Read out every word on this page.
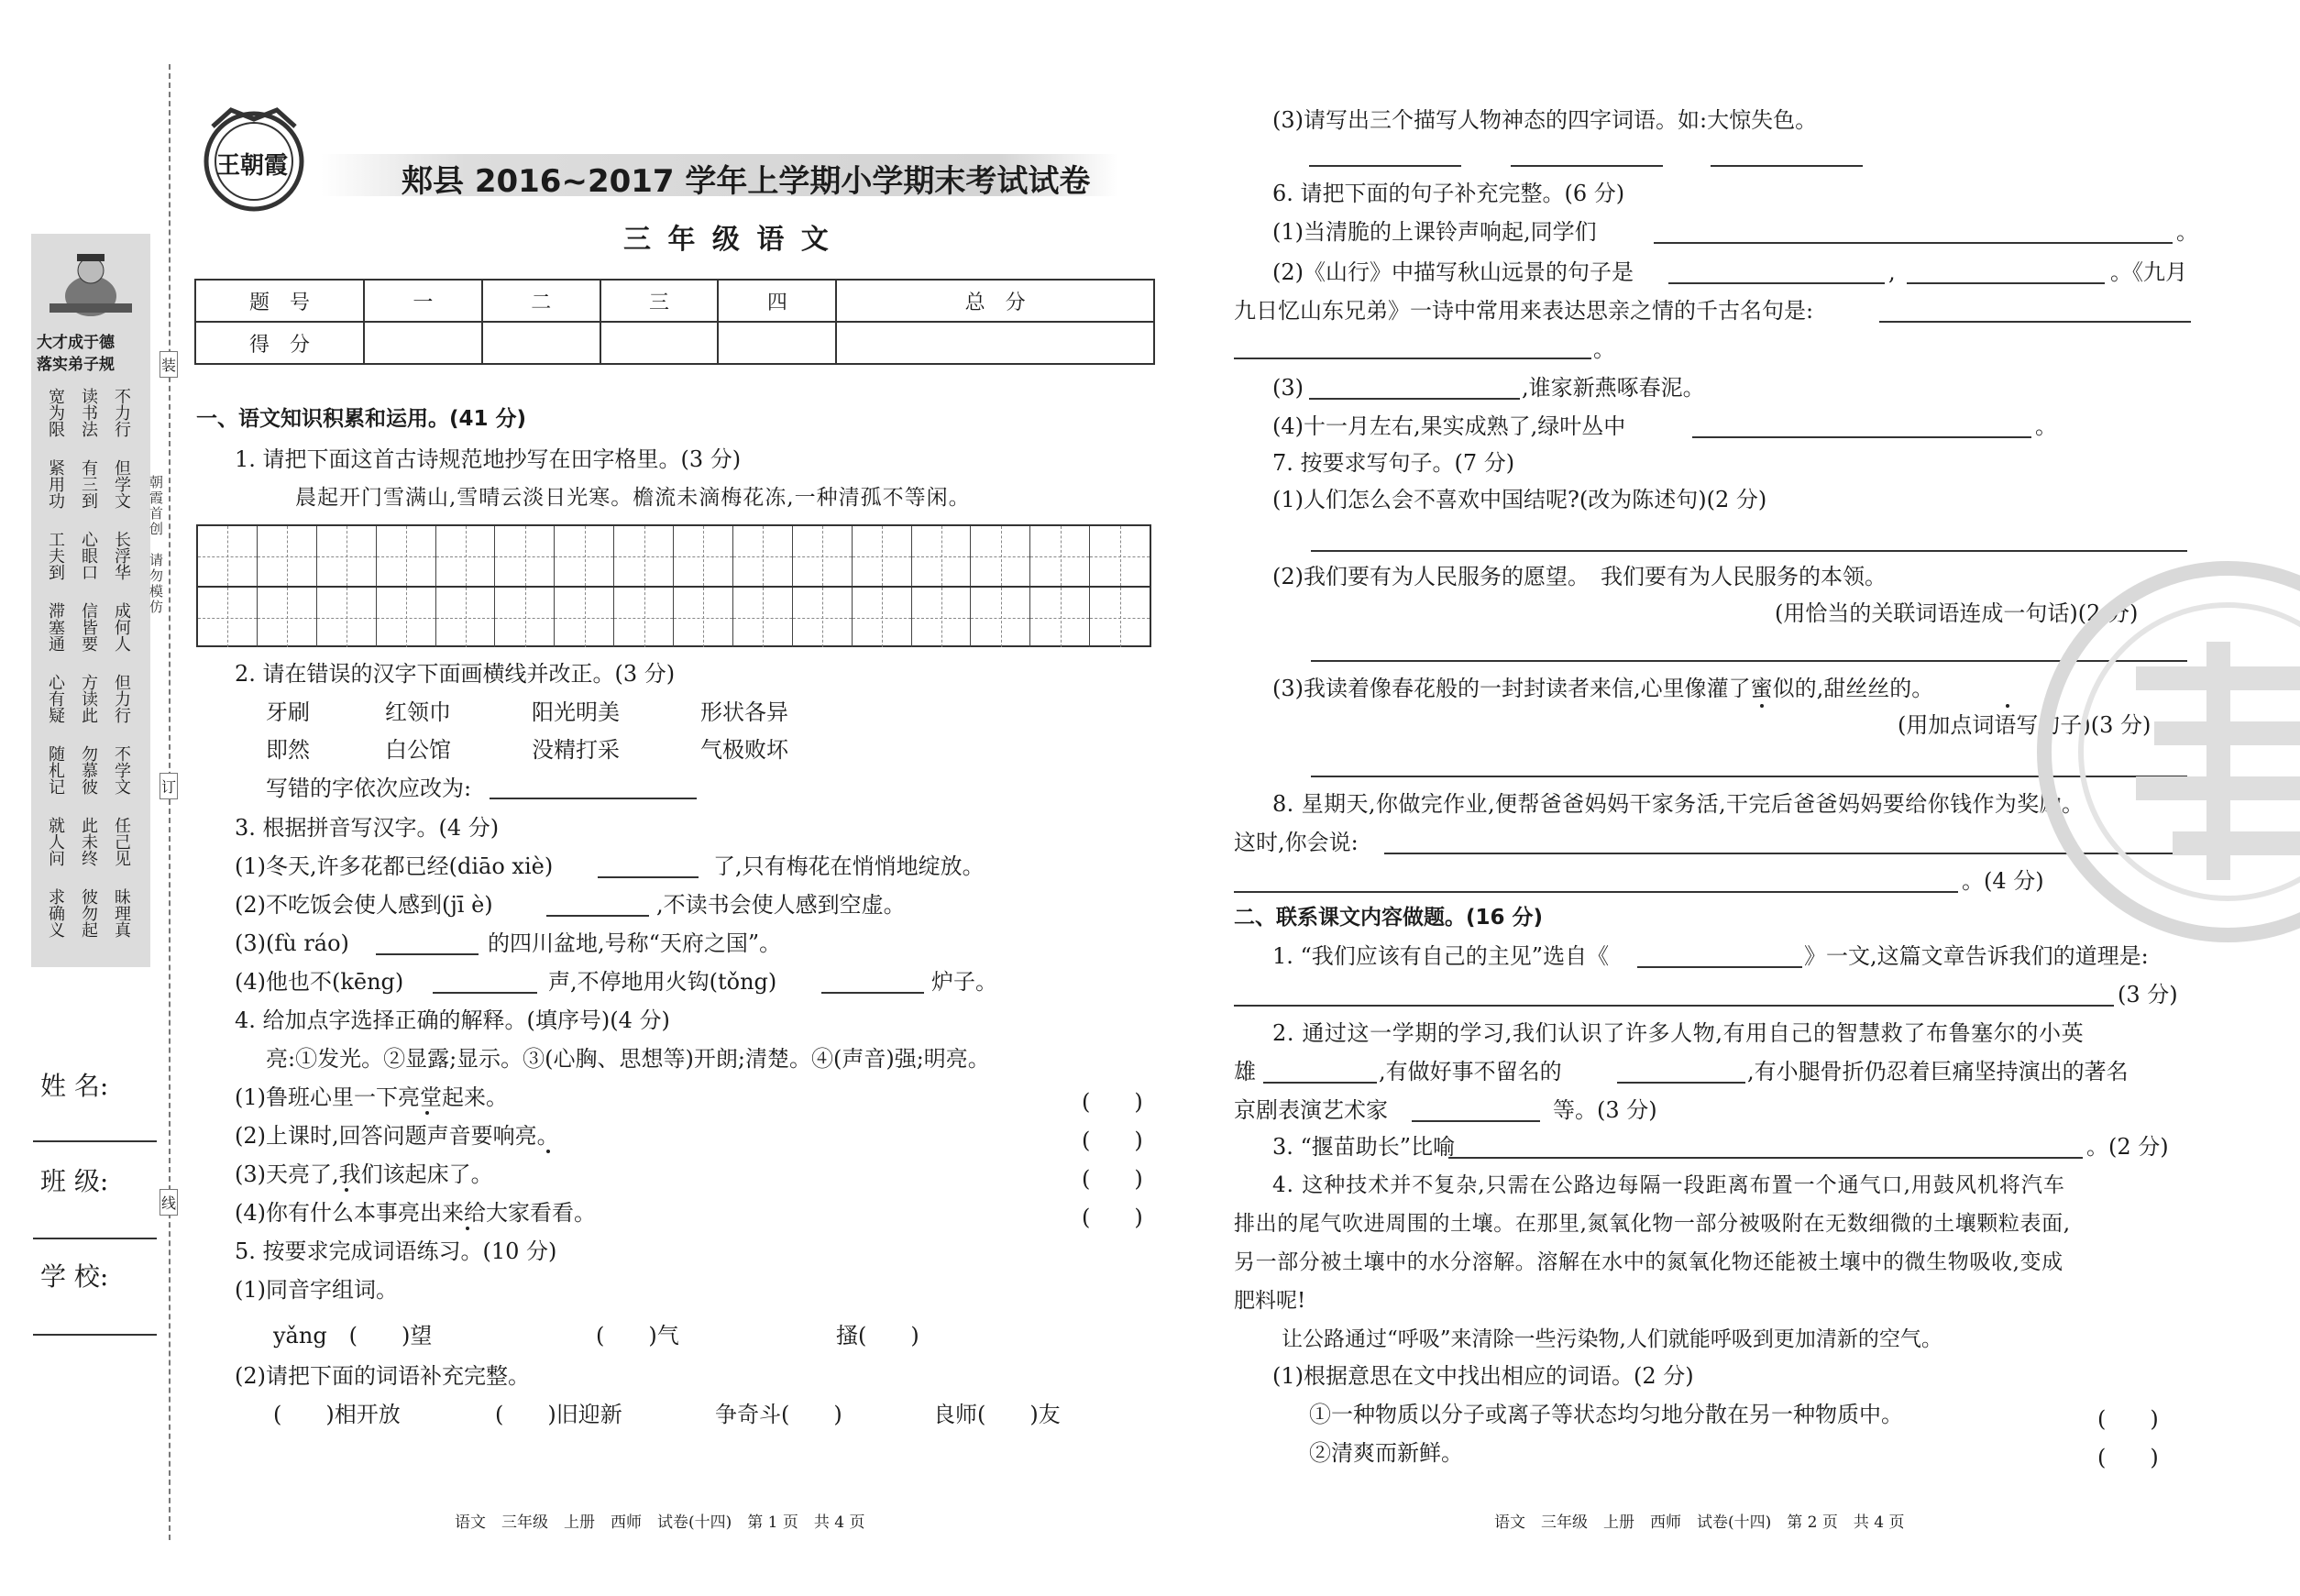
大才成于德
落实弟子规
宽为限 读书法 不力行
紧用功 有三到 但学文
工夫到 心眼口 长浮华
滞塞通 信皆要 成何人
心有疑 方读此 但力行
随札记 勿慕彼 不学文
就人问 此未终 任己见
求确义 彼勿起 昧理真
朝霞首创　请勿模仿
装
订
线
姓 名:
班 级:
学 校:
王朝霞	郏县 2016~2017 学年上学期小学期末考试试卷
三 年 级 语 文
题　号	一	二	三	四	总　分
得　分					
一、语文知识积累和运用。(41 分)
1. 请把下面这首古诗规范地抄写在田字格里。(3 分)
晨起开门雪满山,雪晴云淡日光寒。檐流未滴梅花冻,一种清孤不等闲。
2. 请在错误的汉字下面画横线并改正。(3 分)
牙刷	红领巾	阳光明美	形状各异
即然	白公馆	没精打采	气极败坏
写错的字依次应改为:
3. 根据拼音写汉字。(4 分)
(1)冬天,许多花都已经(diāo xiè)	了,只有梅花在悄悄地绽放。
(2)不吃饭会使人感到(jī è)	,不读书会使人感到空虚。
(3)(fù ráo)	的四川盆地,号称“天府之国”。
(4)他也不(kēng)	声,不停地用火钩(tǒng)	炉子。
4. 给加点字选择正确的解释。(填序号)(4 分)
亮:①发光。②显露;显示。③(心胸、思想等)开朗;清楚。④(声音)强;明亮。
(1)鲁班心里一下亮堂起来。	(　　)
(2)上课时,回答问题声音要响亮。	(　　)
(3)天亮了,我们该起床了。	(　　)
(4)你有什么本事亮出来给大家看看。	(　　)
5. 按要求完成词语练习。(10 分)
(1)同音字组词。
yǎng　(　　)望	(　　)气	搔(　　)
(2)请把下面的词语补充完整。
(　　)相开放	(　　)旧迎新	争奇斗(　　)	良师(　　)友
语文　三年级　上册　西师　试卷(十四)　第 1 页　共 4 页
(3)请写出三个描写人物神态的四字词语。如:大惊失色。
6. 请把下面的句子补充完整。(6 分)
(1)当清脆的上课铃声响起,同学们	。
(2)《山行》中描写秋山远景的句子是	,	。《九月
九日忆山东兄弟》一诗中常用来表达思亲之情的千古名句是:
。
(3)	,谁家新燕啄春泥。
(4)十一月左右,果实成熟了,绿叶丛中	。
7. 按要求写句子。(7 分)
(1)人们怎么会不喜欢中国结呢?(改为陈述句)(2 分)
(2)我们要有为人民服务的愿望。　我们要有为人民服务的本领。
(用恰当的关联词语连成一句话)(2 分)
(3)我读着像春花般的一封封读者来信,心里像灌了蜜似的,甜丝丝的。
(用加点词语写句子)(3 分)
8. 星期天,你做完作业,便帮爸爸妈妈干家务活,干完后爸爸妈妈要给你钱作为奖励。
这时,你会说:
。(4 分)
二、联系课文内容做题。(16 分)
1. “我们应该有自己的主见”选自《	》一文,这篇文章告诉我们的道理是:
(3 分)
2. 通过这一学期的学习,我们认识了许多人物,有用自己的智慧救了布鲁塞尔的小英
雄	,有做好事不留名的	,有小腿骨折仍忍着巨痛坚持演出的著名
京剧表演艺术家	等。(3 分)
3. “揠苗助长”比喻	。(2 分)
4. 这种技术并不复杂,只需在公路边每隔一段距离布置一个通气口,用鼓风机将汽车
排出的尾气吹进周围的土壤。在那里,氮氧化物一部分被吸附在无数细微的土壤颗粒表面,
另一部分被土壤中的水分溶解。溶解在水中的氮氧化物还能被土壤中的微生物吸收,变成
肥料呢!
让公路通过“呼吸”来清除一些污染物,人们就能呼吸到更加清新的空气。
(1)根据意思在文中找出相应的词语。(2 分)
①一种物质以分子或离子等状态均匀地分散在另一种物质中。	(　　)
②清爽而新鲜。	(　　)
语文　三年级　上册　西师　试卷(十四)　第 2 页　共 4 页
